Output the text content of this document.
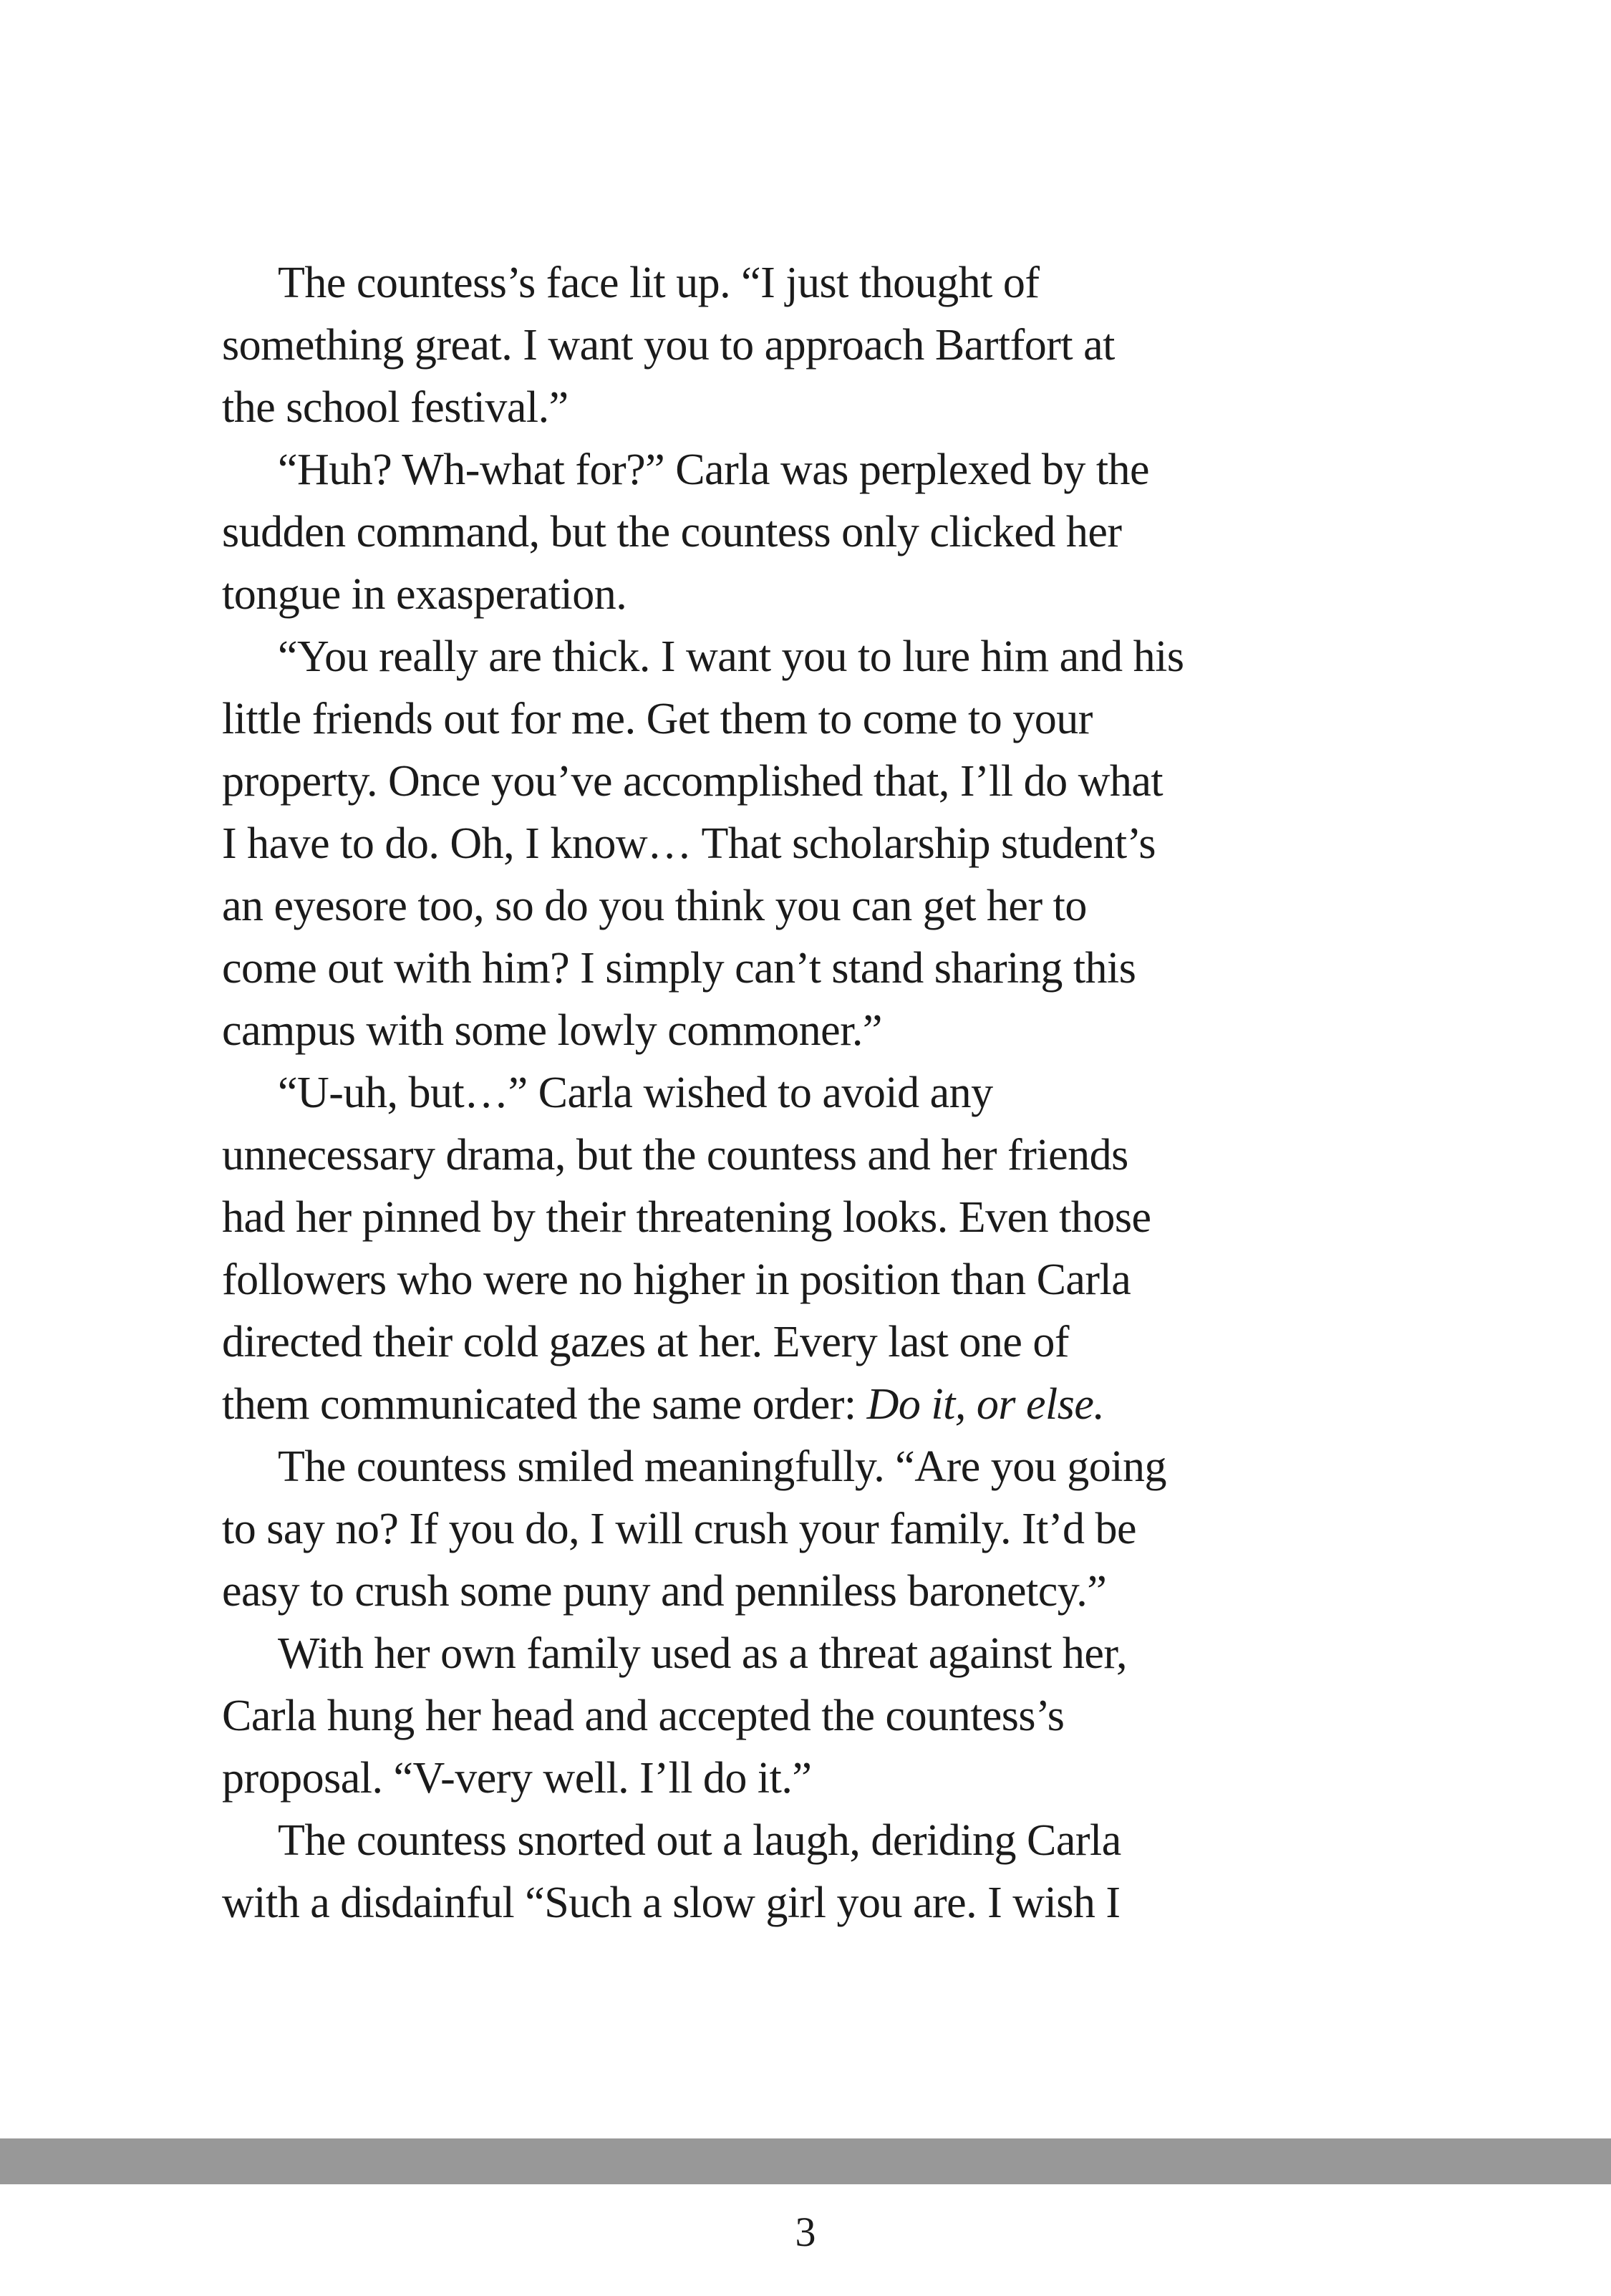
The countess’s face lit up. “I just thought of
something great. I want you to approach Bartfort at
the school festival.”
“Huh? Wh-what for?” Carla was perplexed by the
sudden command, but the countess only clicked her
tongue in exasperation.
“You really are thick. I want you to lure him and his
little friends out for me. Get them to come to your
property. Once you’ve accomplished that, I’ll do what
I have to do. Oh, I know… That scholarship student’s
an eyesore too, so do you think you can get her to
come out with him? I simply can’t stand sharing this
campus with some lowly commoner.”
“U-uh, but…” Carla wished to avoid any
unnecessary drama, but the countess and her friends
had her pinned by their threatening looks. Even those
followers who were no higher in position than Carla
directed their cold gazes at her. Every last one of
them communicated the same order: Do it, or else.
The countess smiled meaningfully. “Are you going
to say no? If you do, I will crush your family. It’d be
easy to crush some puny and penniless baronetcy.”
With her own family used as a threat against her,
Carla hung her head and accepted the countess’s
proposal. “V-very well. I’ll do it.”
The countess snorted out a laugh, deriding Carla
with a disdainful “Such a slow girl you are. I wish I
3
